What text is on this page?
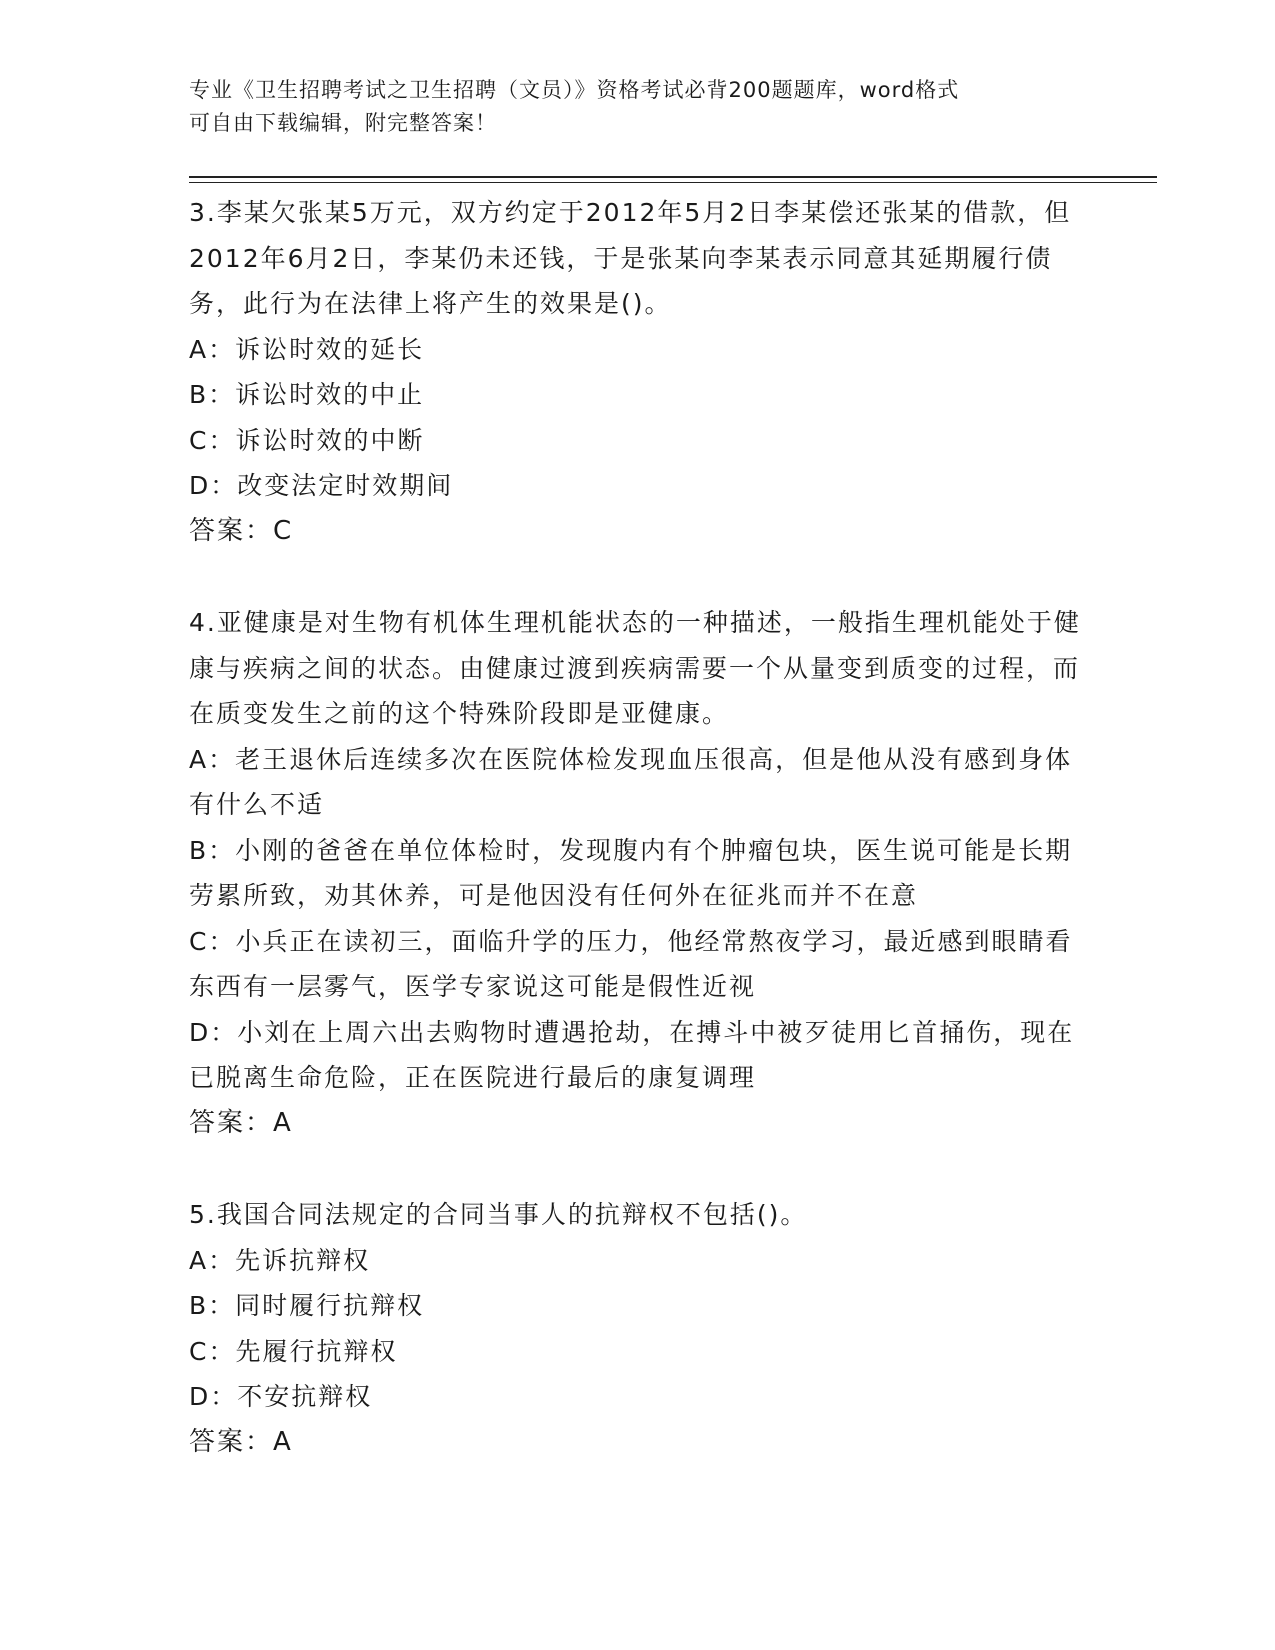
专业《卫生招聘考试之卫生招聘（文员）》资格考试必背200题题库，word格式
可自由下载编辑，附完整答案！

3.李某欠张某5万元，双方约定于2012年5月2日李某偿还张某的借款，但2012年6月2日，李某仍未还钱，于是张某向李某表示同意其延期履行债务，此行为在法律上将产生的效果是()。

A：诉讼时效的延长

B：诉讼时效的中止

C：诉讼时效的中断

D：改变法定时效期间

答案：C

4.亚健康是对生物有机体生理机能状态的一种描述，一般指生理机能处于健康与疾病之间的状态。由健康过渡到疾病需要一个从量变到质变的过程，而在质变发生之前的这个特殊阶段即是亚健康。

A：老王退休后连续多次在医院体检发现血压很高，但是他从没有感到身体有什么不适

B：小刚的爸爸在单位体检时，发现腹内有个肿瘤包块，医生说可能是长期劳累所致，劝其休养，可是他因没有任何外在征兆而并不在意

C：小兵正在读初三，面临升学的压力，他经常熬夜学习，最近感到眼睛看东西有一层雾气，医学专家说这可能是假性近视

D：小刘在上周六出去购物时遭遇抢劫，在搏斗中被歹徒用匕首捅伤，现在已脱离生命危险，正在医院进行最后的康复调理

答案：A

5.我国合同法规定的合同当事人的抗辩权不包括()。

A：先诉抗辩权

B：同时履行抗辩权

C：先履行抗辩权

D：不安抗辩权

答案：A
